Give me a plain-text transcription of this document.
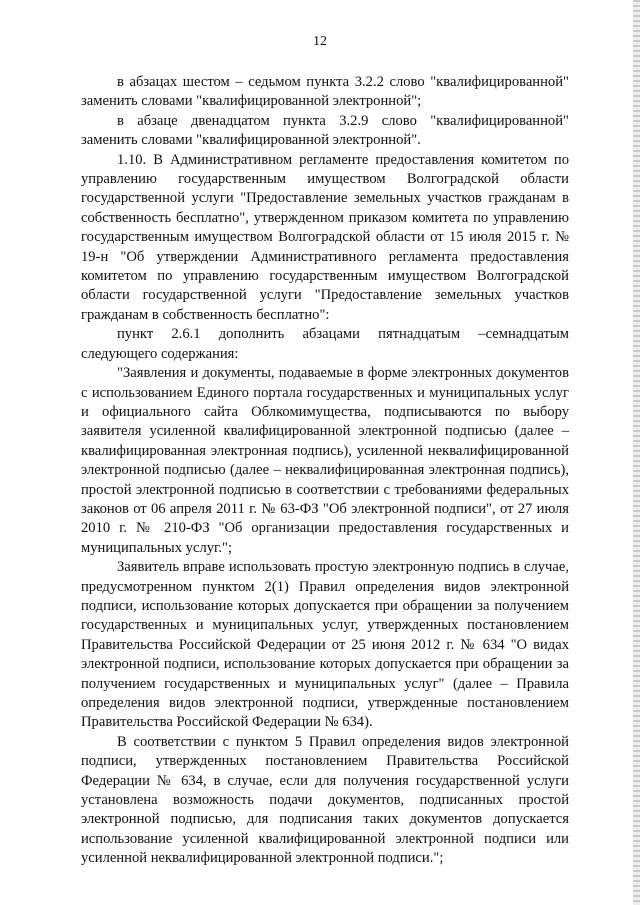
12

в абзацах шестом – седьмом пункта 3.2.2 слово "квалифицированной" заменить словами "квалифицированной электронной";

в абзаце двенадцатом пункта 3.2.9 слово "квалифицированной" заменить словами "квалифицированной электронной".

1.10. В Административном регламенте предоставления комитетом по управлению государственным имуществом Волгоградской области государственной услуги "Предоставление земельных участков гражданам в собственность бесплатно", утвержденном приказом комитета по управлению государственным имуществом Волгоградской области от 15 июля 2015 г. № 19-н "Об утверждении Административного регламента предоставления комитетом по управлению государственным имуществом Волгоградской области государственной услуги "Предоставление земельных участков гражданам в собственность бесплатно":

пункт 2.6.1 дополнить абзацами пятнадцатым –семнадцатым следующего содержания:

"Заявления и документы, подаваемые в форме электронных документов с использованием Единого портала государственных и муниципальных услуг и официального сайта Облкомимущества, подписываются по выбору заявителя усиленной квалифицированной электронной подписью (далее – квалифицированная электронная подпись), усиленной неквалифицированной электронной подписью (далее – неквалифицированная электронная подпись), простой электронной подписью в соответствии с требованиями федеральных законов от 06 апреля 2011 г. № 63-ФЗ "Об электронной подписи", от 27 июля 2010 г. № 210-ФЗ "Об организации предоставления государственных и муниципальных услуг.";

Заявитель вправе использовать простую электронную подпись в случае, предусмотренном пунктом 2(1) Правил определения видов электронной подписи, использование которых допускается при обращении за получением государственных и муниципальных услуг, утвержденных постановлением Правительства Российской Федерации от 25 июня 2012 г. № 634 "О видах электронной подписи, использование которых допускается при обращении за получением государственных и муниципальных услуг" (далее – Правила определения видов электронной подписи, утвержденные постановлением Правительства Российской Федерации № 634).

В соответствии с пунктом 5 Правил определения видов электронной подписи, утвержденных постановлением Правительства Российской Федерации № 634, в случае, если для получения государственной услуги установлена возможность подачи документов, подписанных простой электронной подписью, для подписания таких документов допускается использование усиленной квалифицированной электронной подписи или усиленной неквалифицированной электронной подписи.";
